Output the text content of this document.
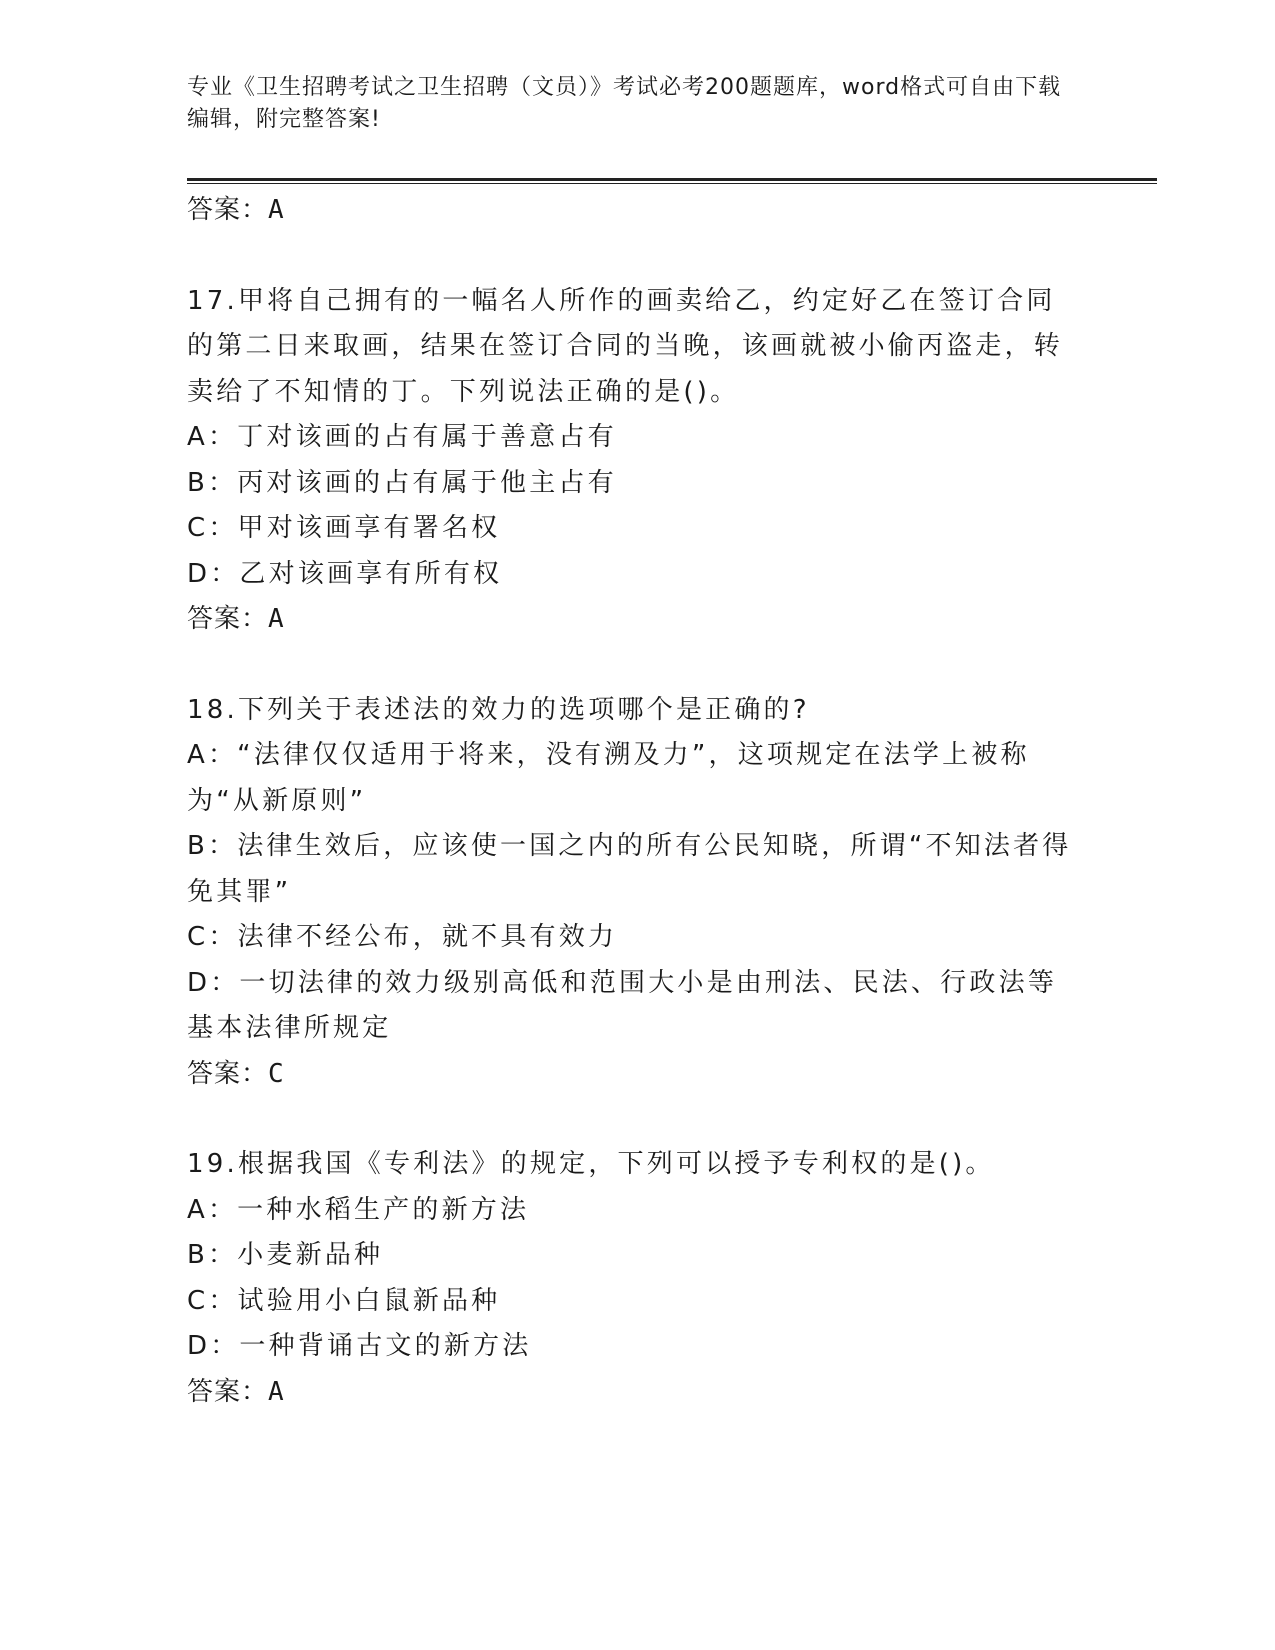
专业《卫生招聘考试之卫生招聘（文员）》考试必考200题题库，word格式可自由下载编辑，附完整答案!

答案：A

17.甲将自己拥有的一幅名人所作的画卖给乙，约定好乙在签订合同的第二日来取画，结果在签订合同的当晚，该画就被小偷丙盗走，转卖给了不知情的丁。下列说法正确的是()。

A：丁对该画的占有属于善意占有

B：丙对该画的占有属于他主占有

C：甲对该画享有署名权

D：乙对该画享有所有权

答案：A

18.下列关于表述法的效力的选项哪个是正确的?

A：“法律仅仅适用于将来，没有溯及力”，这项规定在法学上被称为“从新原则”

B：法律生效后，应该使一国之内的所有公民知晓，所谓“不知法者得免其罪”

C：法律不经公布，就不具有效力

D：一切法律的效力级别高低和范围大小是由刑法、民法、行政法等基本法律所规定

答案：C

19.根据我国《专利法》的规定，下列可以授予专利权的是()。

A：一种水稻生产的新方法

B：小麦新品种

C：试验用小白鼠新品种

D：一种背诵古文的新方法

答案：A
